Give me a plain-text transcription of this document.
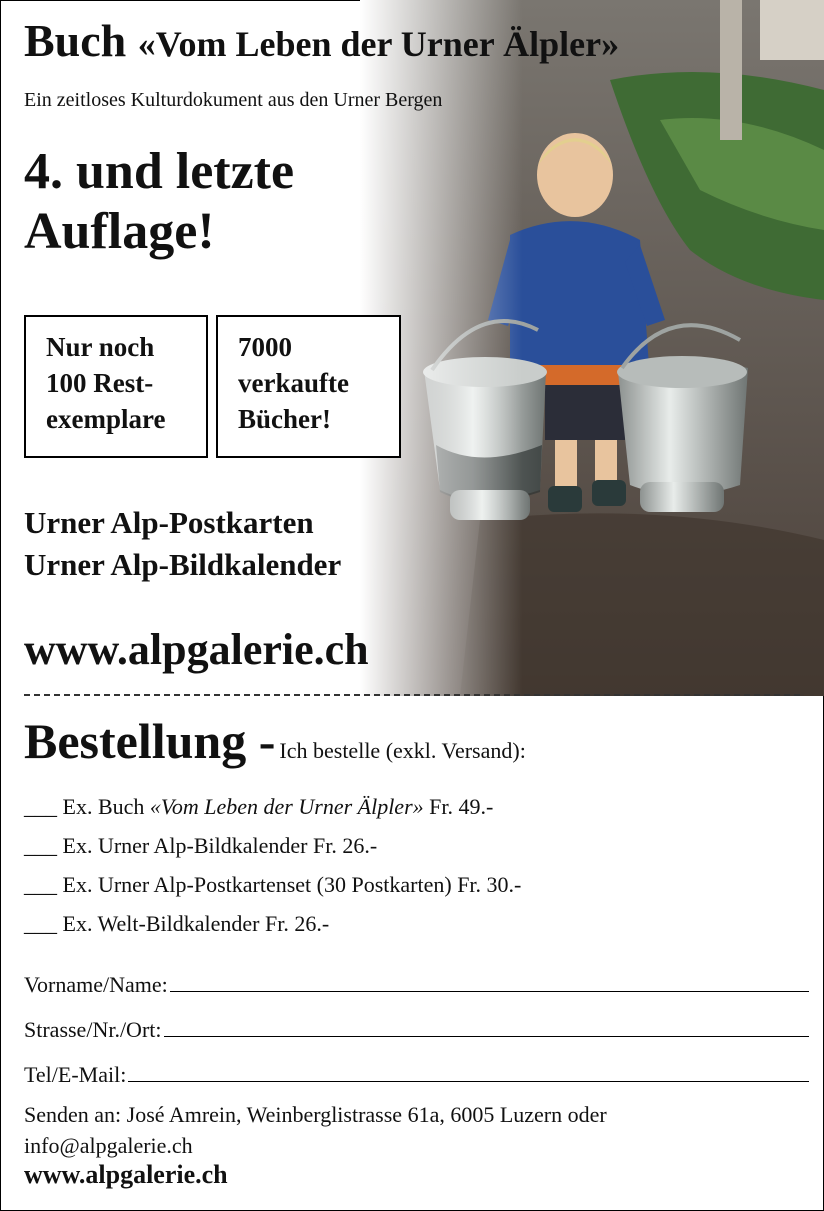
Buch «Vom Leben der Urner Älpler»
Ein zeitloses Kulturdokument aus den Urner Bergen
4. und letzte
Auflage!
Nur noch
100 Rest-
exemplare
7000
verkaufte
Bücher!
Urner Alp-Postkarten
Urner Alp-Bildkalender
www.alpgalerie.ch
Bestellung - Ich bestelle (exkl. Versand):
___ Ex. Buch «Vom Leben der Urner Älpler» Fr. 49.-
___ Ex. Urner Alp-Bildkalender Fr. 26.-
___ Ex. Urner Alp-Postkartenset (30 Postkarten) Fr. 30.-
___ Ex. Welt-Bildkalender Fr. 26.-
Vorname/Name:
Strasse/Nr./Ort:
Tel/E-Mail:
Senden an: José Amrein, Weinberglistrasse 61a, 6005 Luzern oder
info@alpgalerie.ch
www.alpgalerie.ch
